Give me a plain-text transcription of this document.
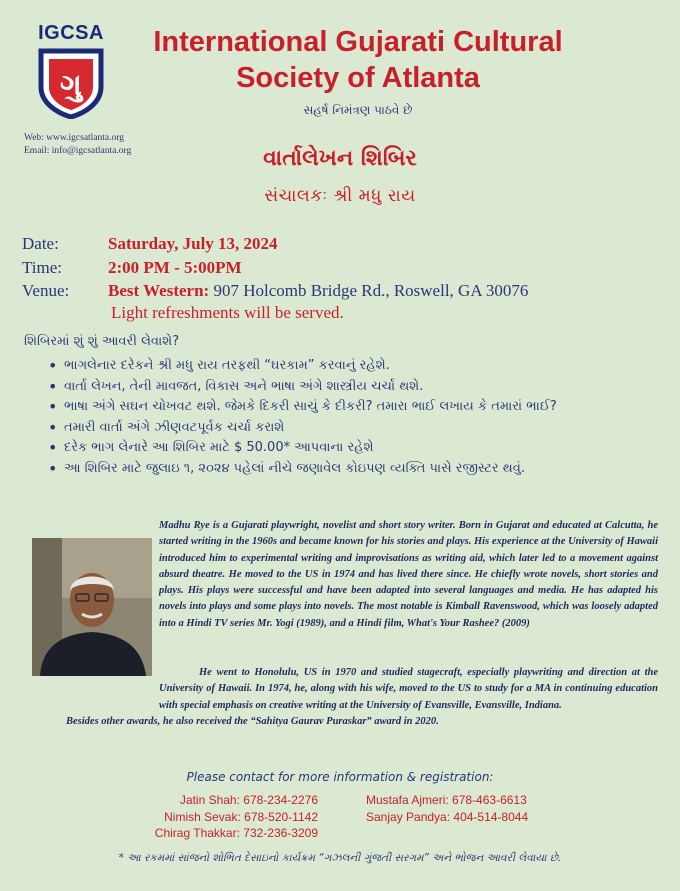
IGCSA
ગુ
International Gujarati Cultural
Society of Atlanta
સહર્ષ નિમંત્રણ પાઠવે છે
Web: www.igcsatlanta.org
Email: info@igcsatlanta.org	વાર્તાલેખન શિબિર
સંચાલકઃ શ્રી મધુ રાય
Date:	Saturday, July 13, 2024
Time:	2:00 PM - 5:00PM
Venue:	Best Western: 907 Holcomb Bridge Rd., Roswell, GA 30076
Light refreshments will be served.
શિબિરમાં શું શું આવરી લેવાશે?
• ભાગલેનાર દરેકને શ્રી મધુ રાય તરફથી “ઘરકામ” કરવાનું રહેશે.
• વાર્તા લેખન, તેની માવજત, વિકાસ અને ભાષા અંગે શાસ્ત્રીય ચર્ચા થશે.
• ભાષા અંગે સઘન ચોખવટ થશે. જેમકે દિકરી સાચું કે દીકરી? તમારા ભાઈ લખાય કે તમારાં ભાઈ?
• તમારી વાર્તા અંગે ઝીણવટપૂર્વક ચર્ચા કરાશે
• દરેક ભાગ લેનારે આ શિબિર માટે $ 50.00* આપવાના રહેશે
• આ શિબિર માટે જુલાઇ ૧, ૨૦૨૪ પહેલાં નીચે જણાવેલ કોઇપણ વ્યક્તિ પાસે રજીસ્ટર થવું.

Madhu Rye is a Gujarati playwright, novelist and short story writer. Born in Gujarat and educated at Calcutta, he started writing in the 1960s and became known for his stories and plays. His experience at the University of Hawaii introduced him to experimental writing and improvisations as writing aid, which later led to a movement against absurd theatre. He moved to the US in 1974 and has lived there since. He chiefly wrote novels, short stories and plays. His plays were successful and have been adapted into several languages and media. He has adapted his novels into plays and some plays into novels. The most notable is Kimball Ravenswood, which was loosely adapted into a Hindi TV series Mr. Yogi (1989), and a Hindi film, What's Your Rashee? (2009)

He went to Honolulu, US in 1970 and studied stagecraft, especially playwriting and direction at the University of Hawaii. In 1974, he, along with his wife, moved to the US to study for a MA in continuing education with special emphasis on creative writing at the University of Evansville, Evansville, Indiana.

Besides other awards, he also received the “Sahitya Gaurav Puraskar” award in 2020.

Please contact for more information & registration:
Jatin Shah: 678-234-2276
Nimish Sevak: 678-520-1142
Chirag Thakkar: 732-236-3209
Mustafa Ajmeri: 678-463-6613
Sanjay Pandya: 404-514-8044
* આ રકમમાં સાંજનો શોભિત દેસાઇનો કાર્યક્રમ “ગઝલની ગુંજતી સરગમ” અને ભોજન આવરી લેવાયા છે.
